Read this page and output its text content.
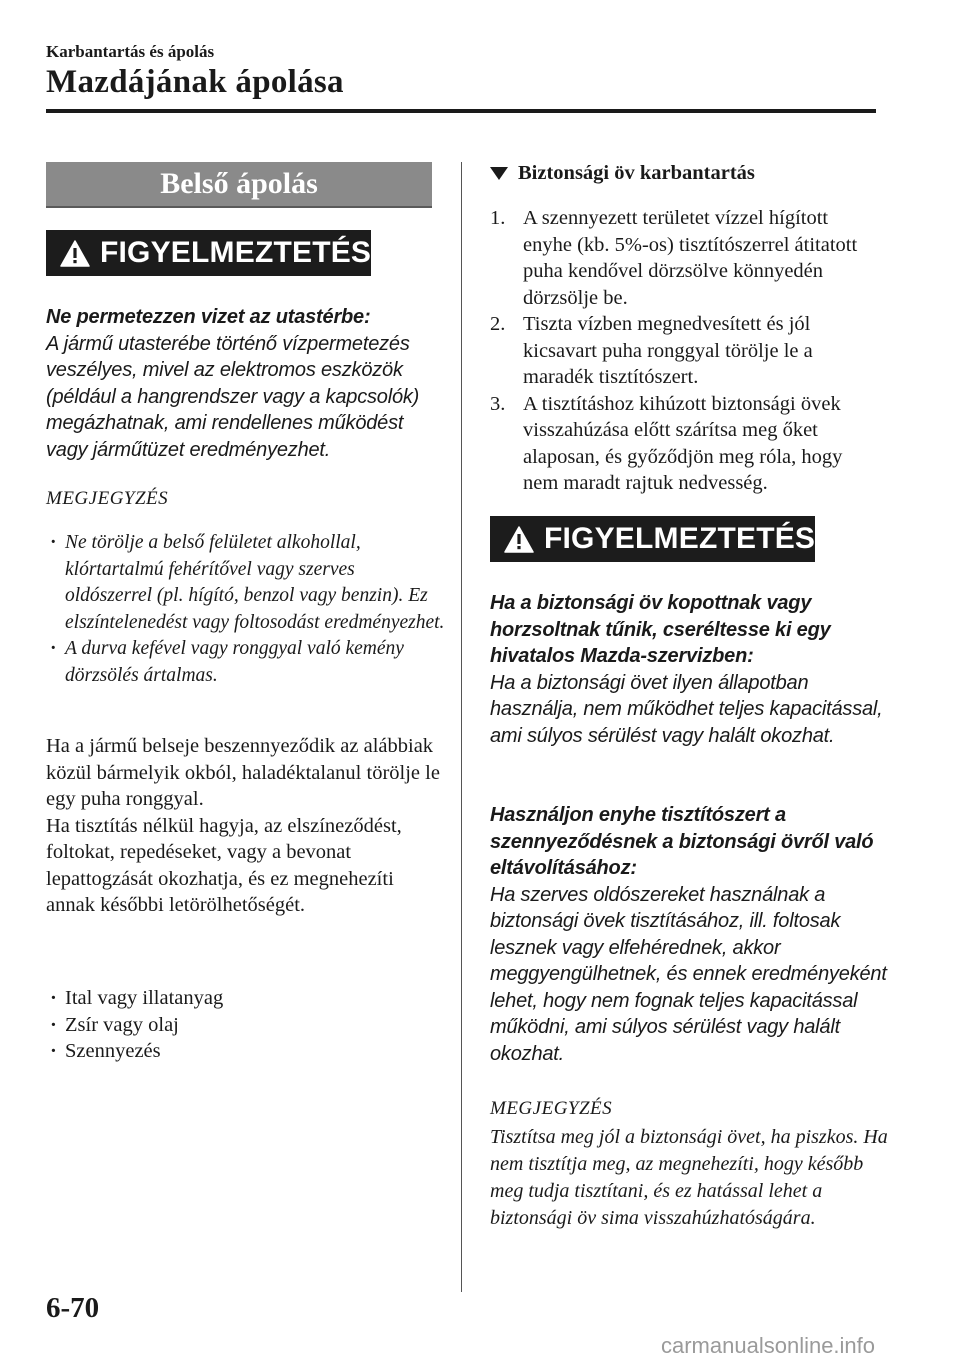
Karbantartás és ápolás
Mazdájának ápolása
Belső ápolás
FIGYELMEZTETÉS
Ne permetezzen vizet az utastérbe:
A jármű utasterébe történő vízpermetezés veszélyes, mivel az elektromos eszközök (például a hangrendszer vagy a kapcsolók) megázhatnak, ami rendellenes működést vagy járműtüzet eredményezhet.
MEGJEGYZÉS
· Ne törölje a belső felületet alkohollal, klórtartalmú fehérítővel vagy szerves oldószerrel (pl. hígító, benzol vagy benzin). Ez elszíntelenedést vagy foltosodást eredményezhet.
· A durva kefével vagy ronggyal való kemény dörzsölés ártalmas.
Ha a jármű belseje beszennyeződik az alábbiak közül bármelyik okból, haladéktalanul törölje le egy puha ronggyal.
Ha tisztítás nélkül hagyja, az elszíneződést, foltokat, repedéseket, vagy a bevonat lepattogzását okozhatja, és ez megnehezíti annak későbbi letörölhetőségét.
· Ital vagy illatanyag
· Zsír vagy olaj
· Szennyezés
Biztonsági öv karbantartás
1. A szennyezett területet vízzel hígított enyhe (kb. 5%-os) tisztítószerrel átitatott puha kendővel dörzsölve könnyedén dörzsölje be.
2. Tiszta vízben megnedvesített és jól kicsavart puha ronggyal törölje le a maradék tisztítószert.
3. A tisztításhoz kihúzott biztonsági övek visszahúzása előtt szárítsa meg őket alaposan, és győződjön meg róla, hogy nem maradt rajtuk nedvesség.
FIGYELMEZTETÉS
Ha a biztonsági öv kopottnak vagy horzsoltnak tűnik, cseréltesse ki egy hivatalos Mazda-szervizben:
Ha a biztonsági övet ilyen állapotban használja, nem működhet teljes kapacitással, ami súlyos sérülést vagy halált okozhat.
Használjon enyhe tisztítószert a szennyeződésnek a biztonsági övről való eltávolításához:
Ha szerves oldószereket használnak a biztonsági övek tisztításához, ill. foltosak lesznek vagy elfehérednek, akkor meggyengülhetnek, és ennek eredményeként lehet, hogy nem fognak teljes kapacitással működni, ami súlyos sérülést vagy halált okozhat.
MEGJEGYZÉS
Tisztítsa meg jól a biztonsági övet, ha piszkos. Ha nem tisztítja meg, az megnehezíti, hogy később meg tudja tisztítani, és ez hatással lehet a biztonsági öv sima visszahúzhatóságára.
6-70
carmanualsonline.info
